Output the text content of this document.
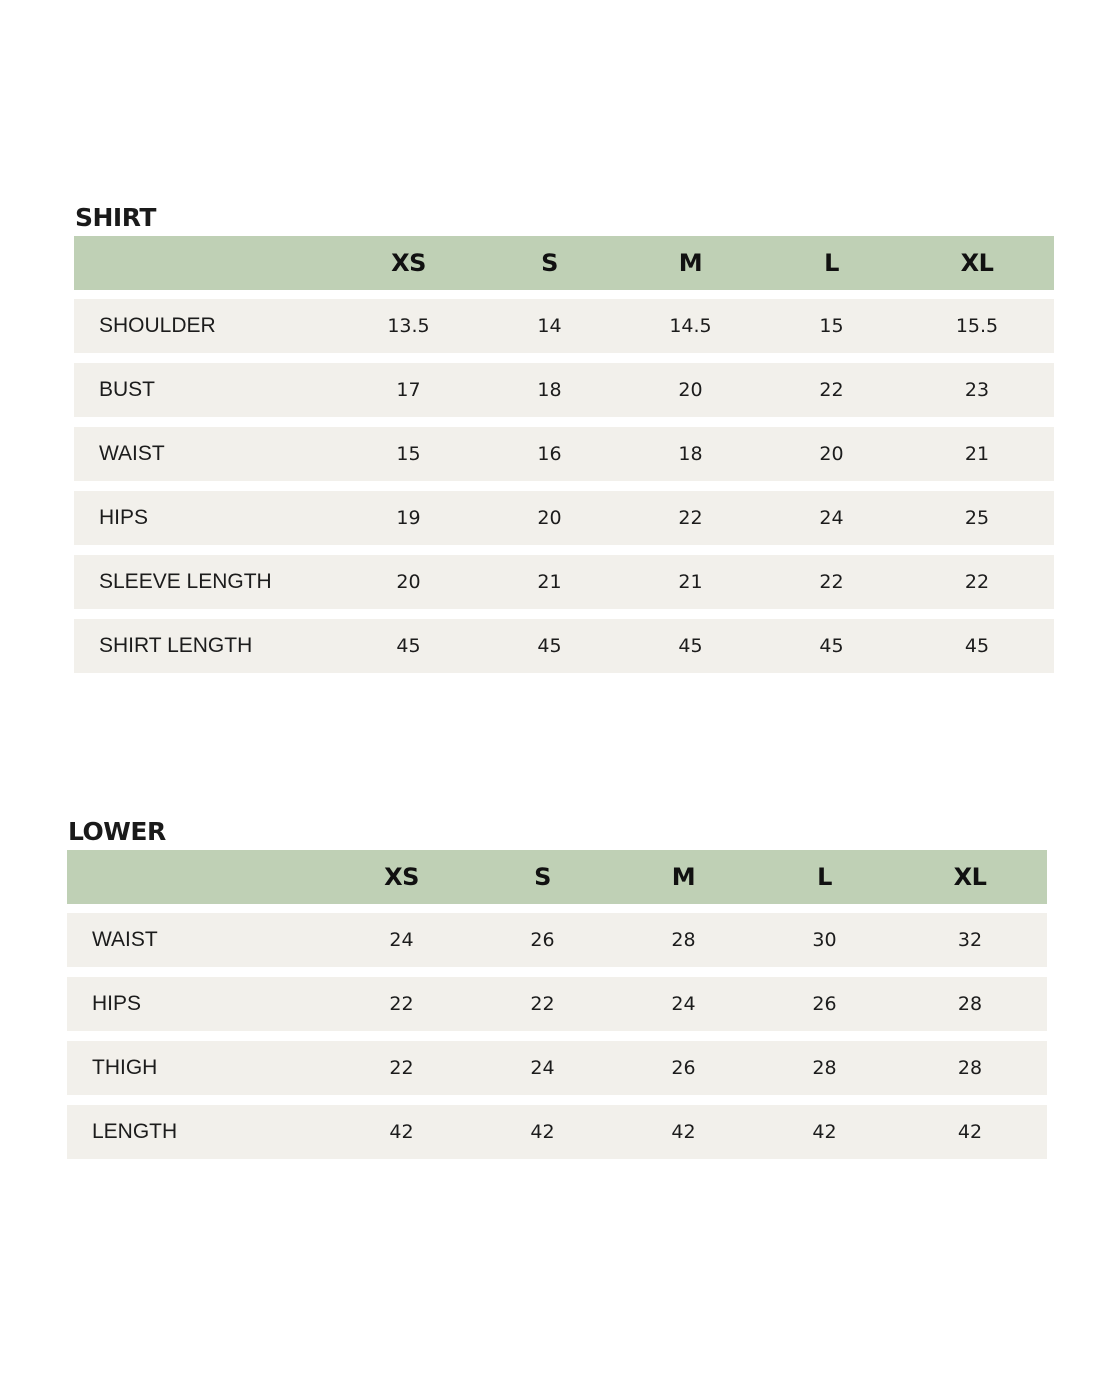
SHIRT
XS	S	M	L	XL
SHOULDER	13.5	14	14.5	15	15.5
BUST	17	18	20	22	23
WAIST	15	16	18	20	21
HIPS	19	20	22	24	25
SLEEVE LENGTH	20	21	21	22	22
SHIRT LENGTH	45	45	45	45	45
LOWER
XS	S	M	L	XL
WAIST	24	26	28	30	32
HIPS	22	22	24	26	28
THIGH	22	24	26	28	28
LENGTH	42	42	42	42	42
